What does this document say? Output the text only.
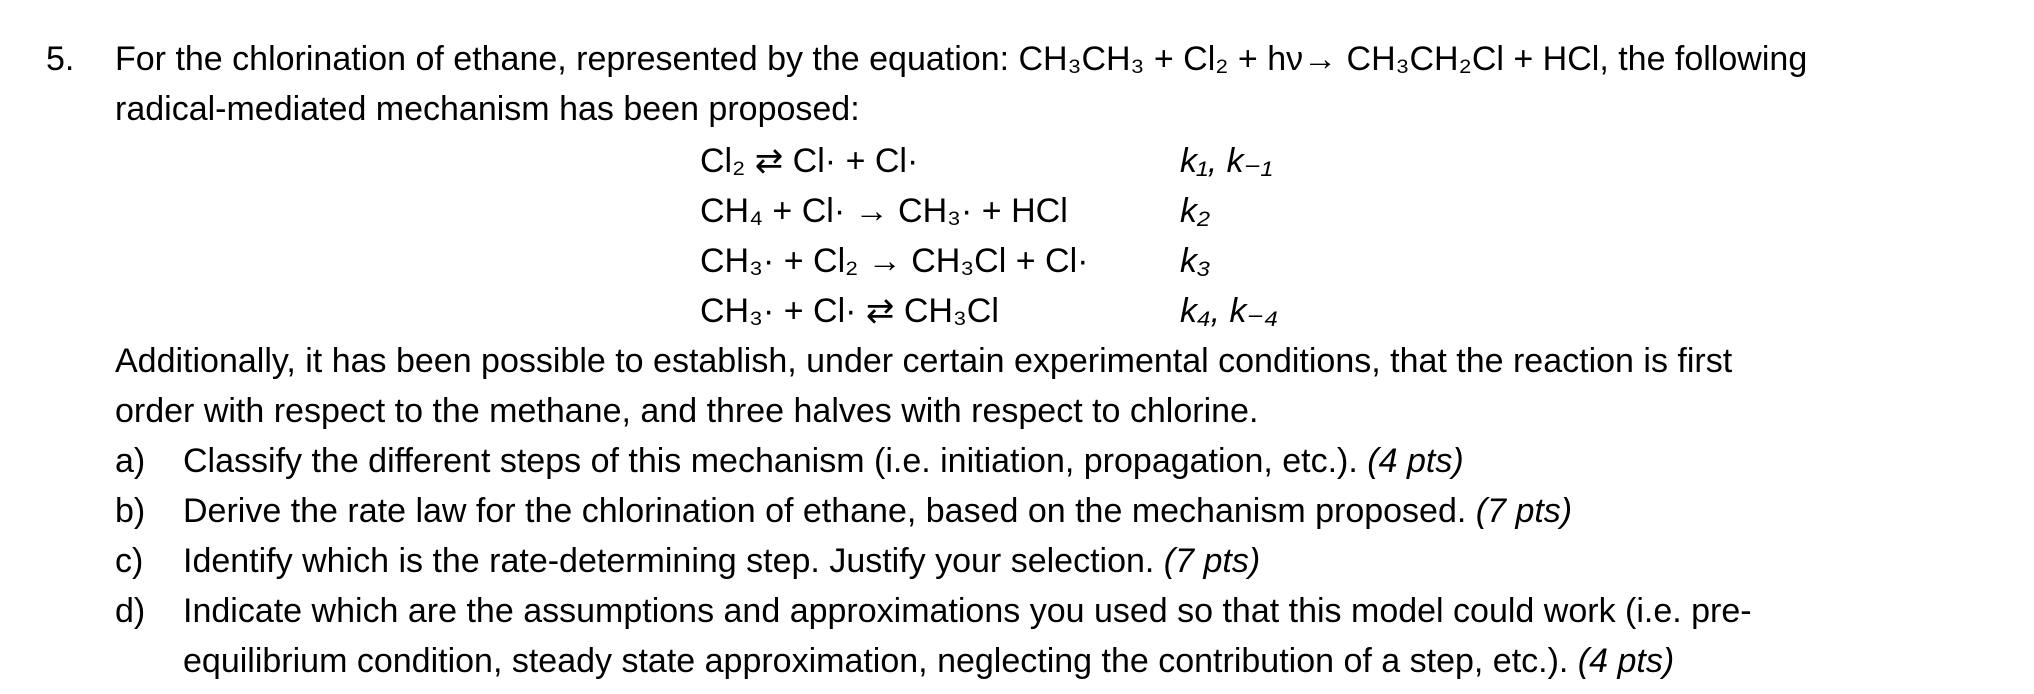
5. For the chlorination of ethane, represented by the equation: CH₃CH₃ + Cl₂ + hν→ CH₃CH₂Cl + HCl, the following
radical-mediated mechanism has been proposed:
Cl₂ ⇄ Cl· + Cl·	k₁, k₋₁
CH₄ + Cl· → CH₃· + HCl	k₂
CH₃· + Cl₂ → CH₃Cl + Cl·	k₃
CH₃· + Cl· ⇄ CH₃Cl	k₄, k₋₄
Additionally, it has been possible to establish, under certain experimental conditions, that the reaction is first
order with respect to the methane, and three halves with respect to chlorine.
a) Classify the different steps of this mechanism (i.e. initiation, propagation, etc.). (4 pts)
b) Derive the rate law for the chlorination of ethane, based on the mechanism proposed. (7 pts)
c) Identify which is the rate-determining step. Justify your selection. (7 pts)
d) Indicate which are the assumptions and approximations you used so that this model could work (i.e. pre-
equilibrium condition, steady state approximation, neglecting the contribution of a step, etc.). (4 pts)
